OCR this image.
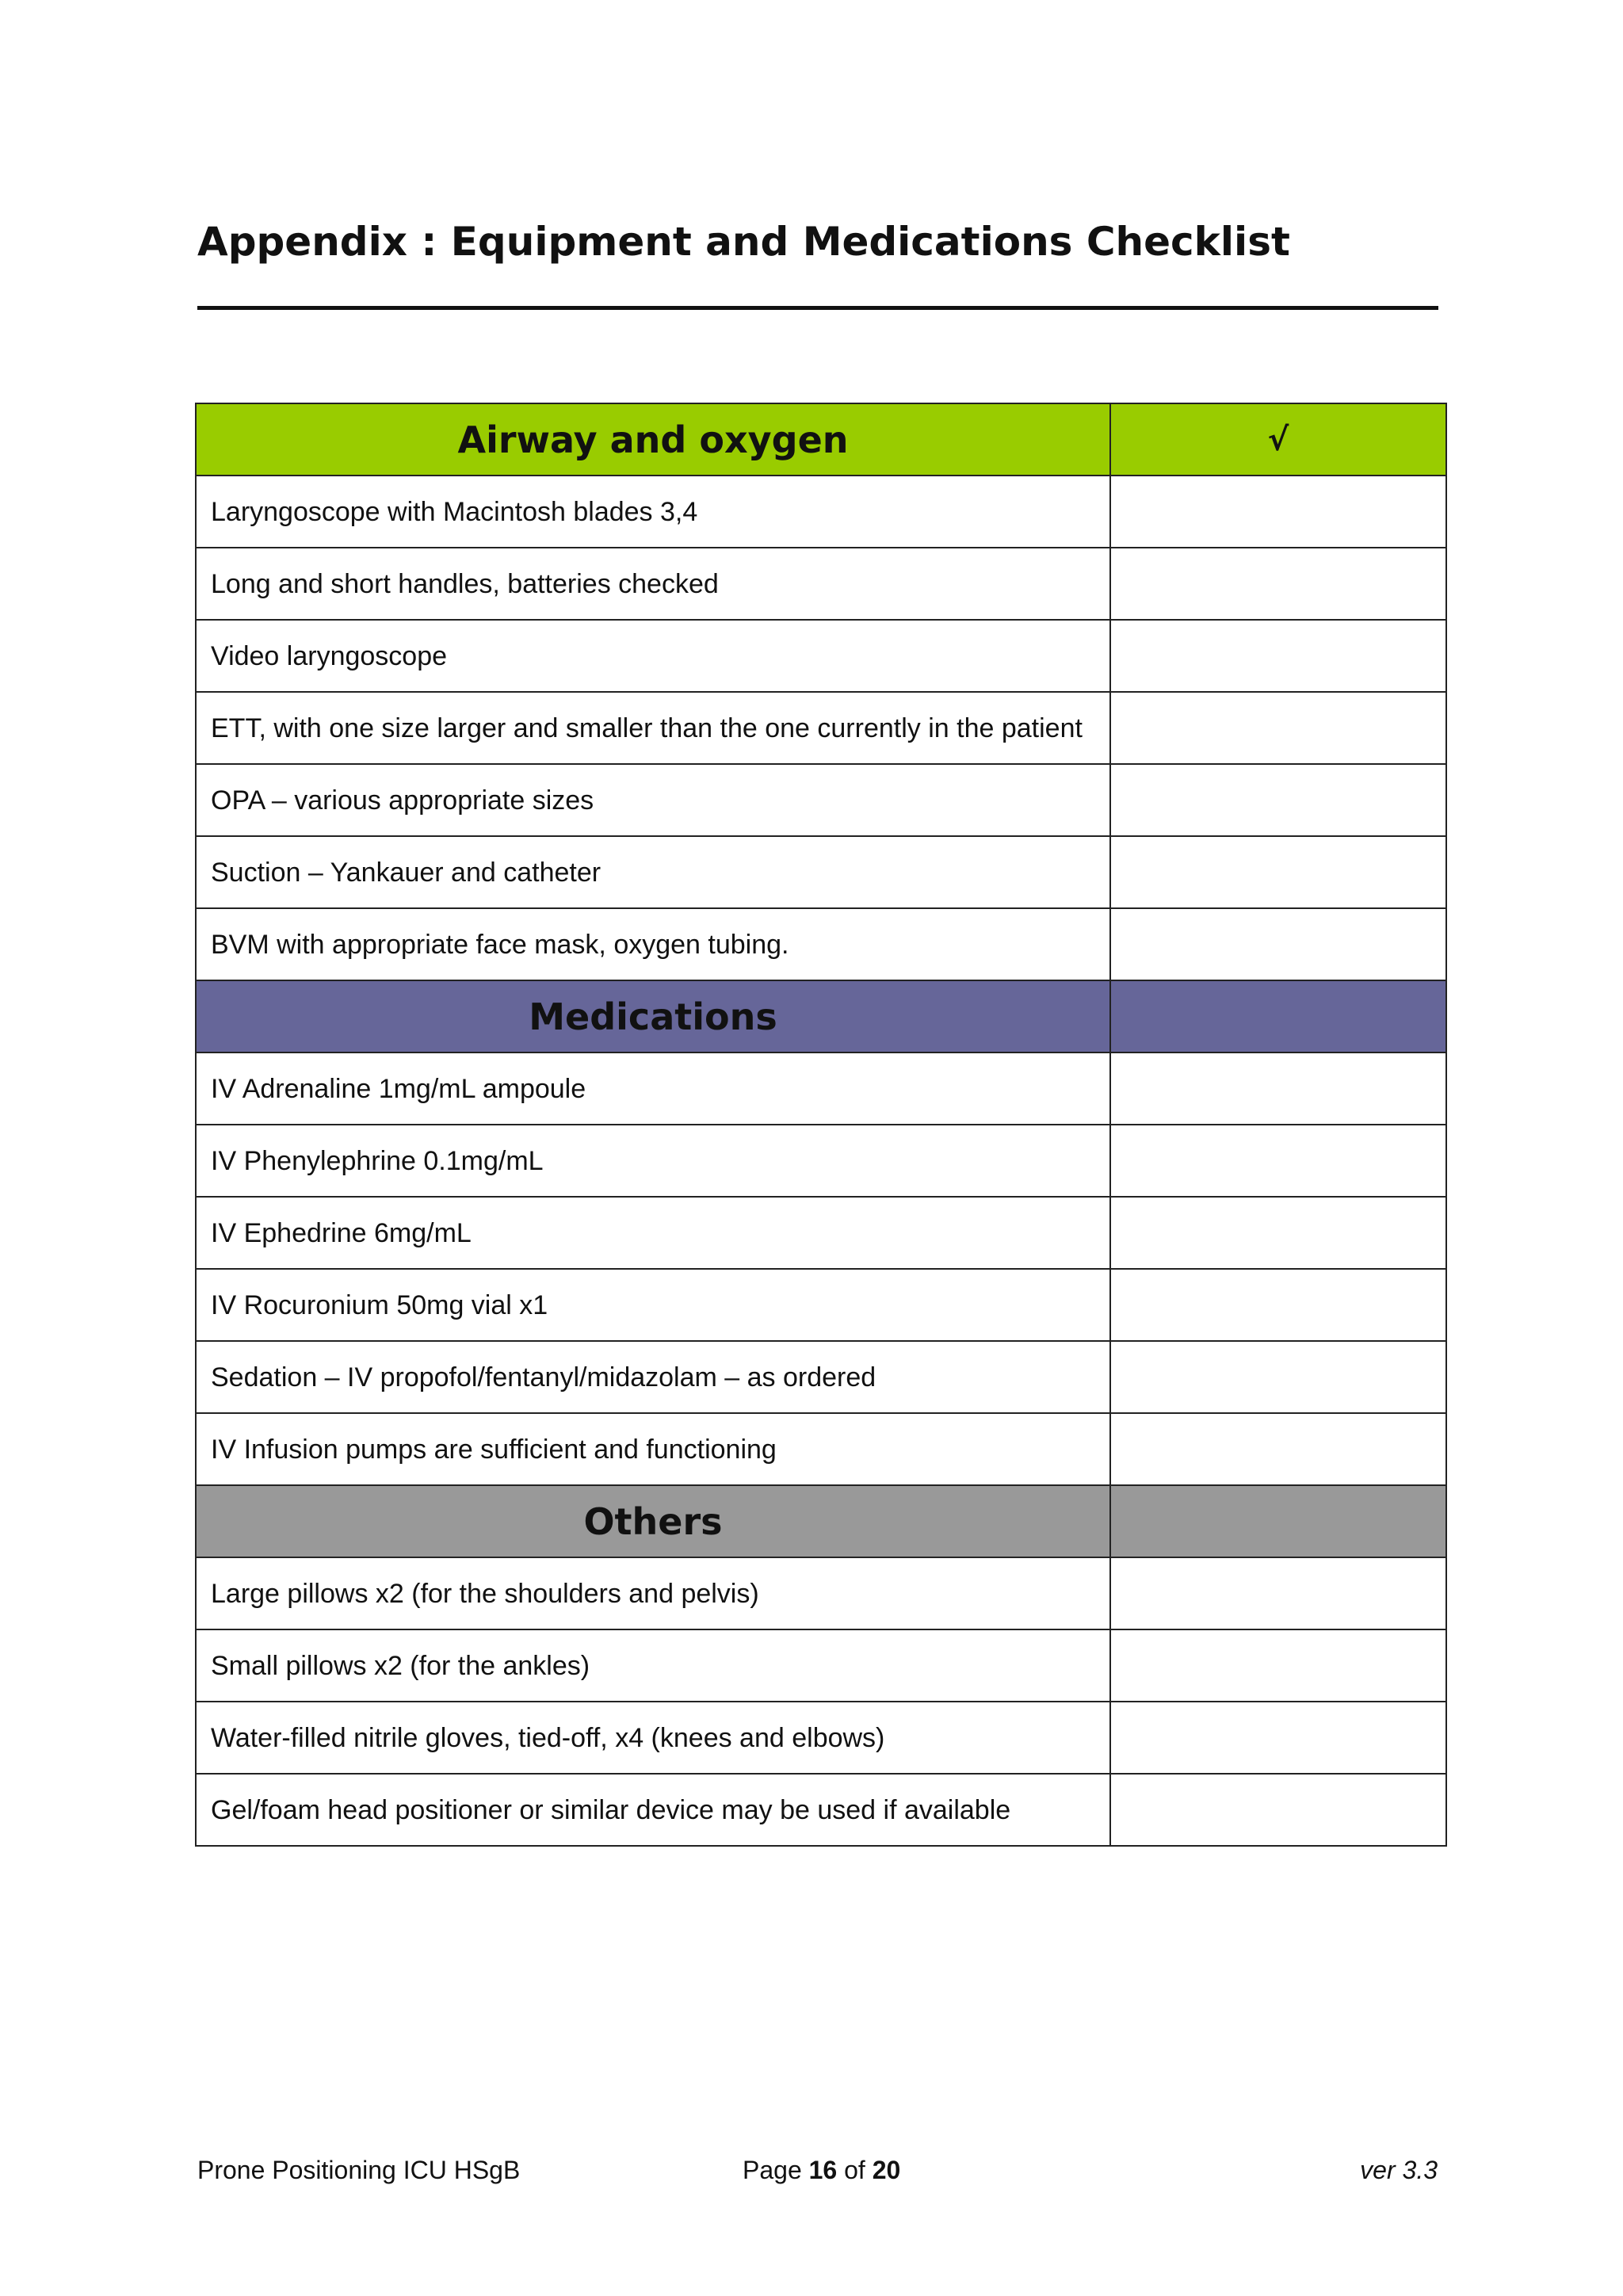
Appendix : Equipment and Medications Checklist
Airway and oxygen	√
Laryngoscope with Macintosh blades 3,4	
Long and short handles, batteries checked	
Video laryngoscope	
ETT, with one size larger and smaller than the one currently in the patient	
OPA – various appropriate sizes	
Suction – Yankauer and catheter	
BVM with appropriate face mask, oxygen tubing.	
Medications	
IV Adrenaline 1mg/mL ampoule	
IV Phenylephrine 0.1mg/mL	
IV Ephedrine 6mg/mL	
IV Rocuronium 50mg vial x1	
Sedation – IV propofol/fentanyl/midazolam – as ordered	
IV Infusion pumps are sufficient and functioning	
Others	
Large pillows x2 (for the shoulders and pelvis)	
Small pillows x2 (for the ankles)	
Water-filled nitrile gloves, tied-off, x4 (knees and elbows)	
Gel/foam head positioner or similar device may be used if available	
Prone Positioning ICU HSgB	Page 16 of 20	ver 3.3
